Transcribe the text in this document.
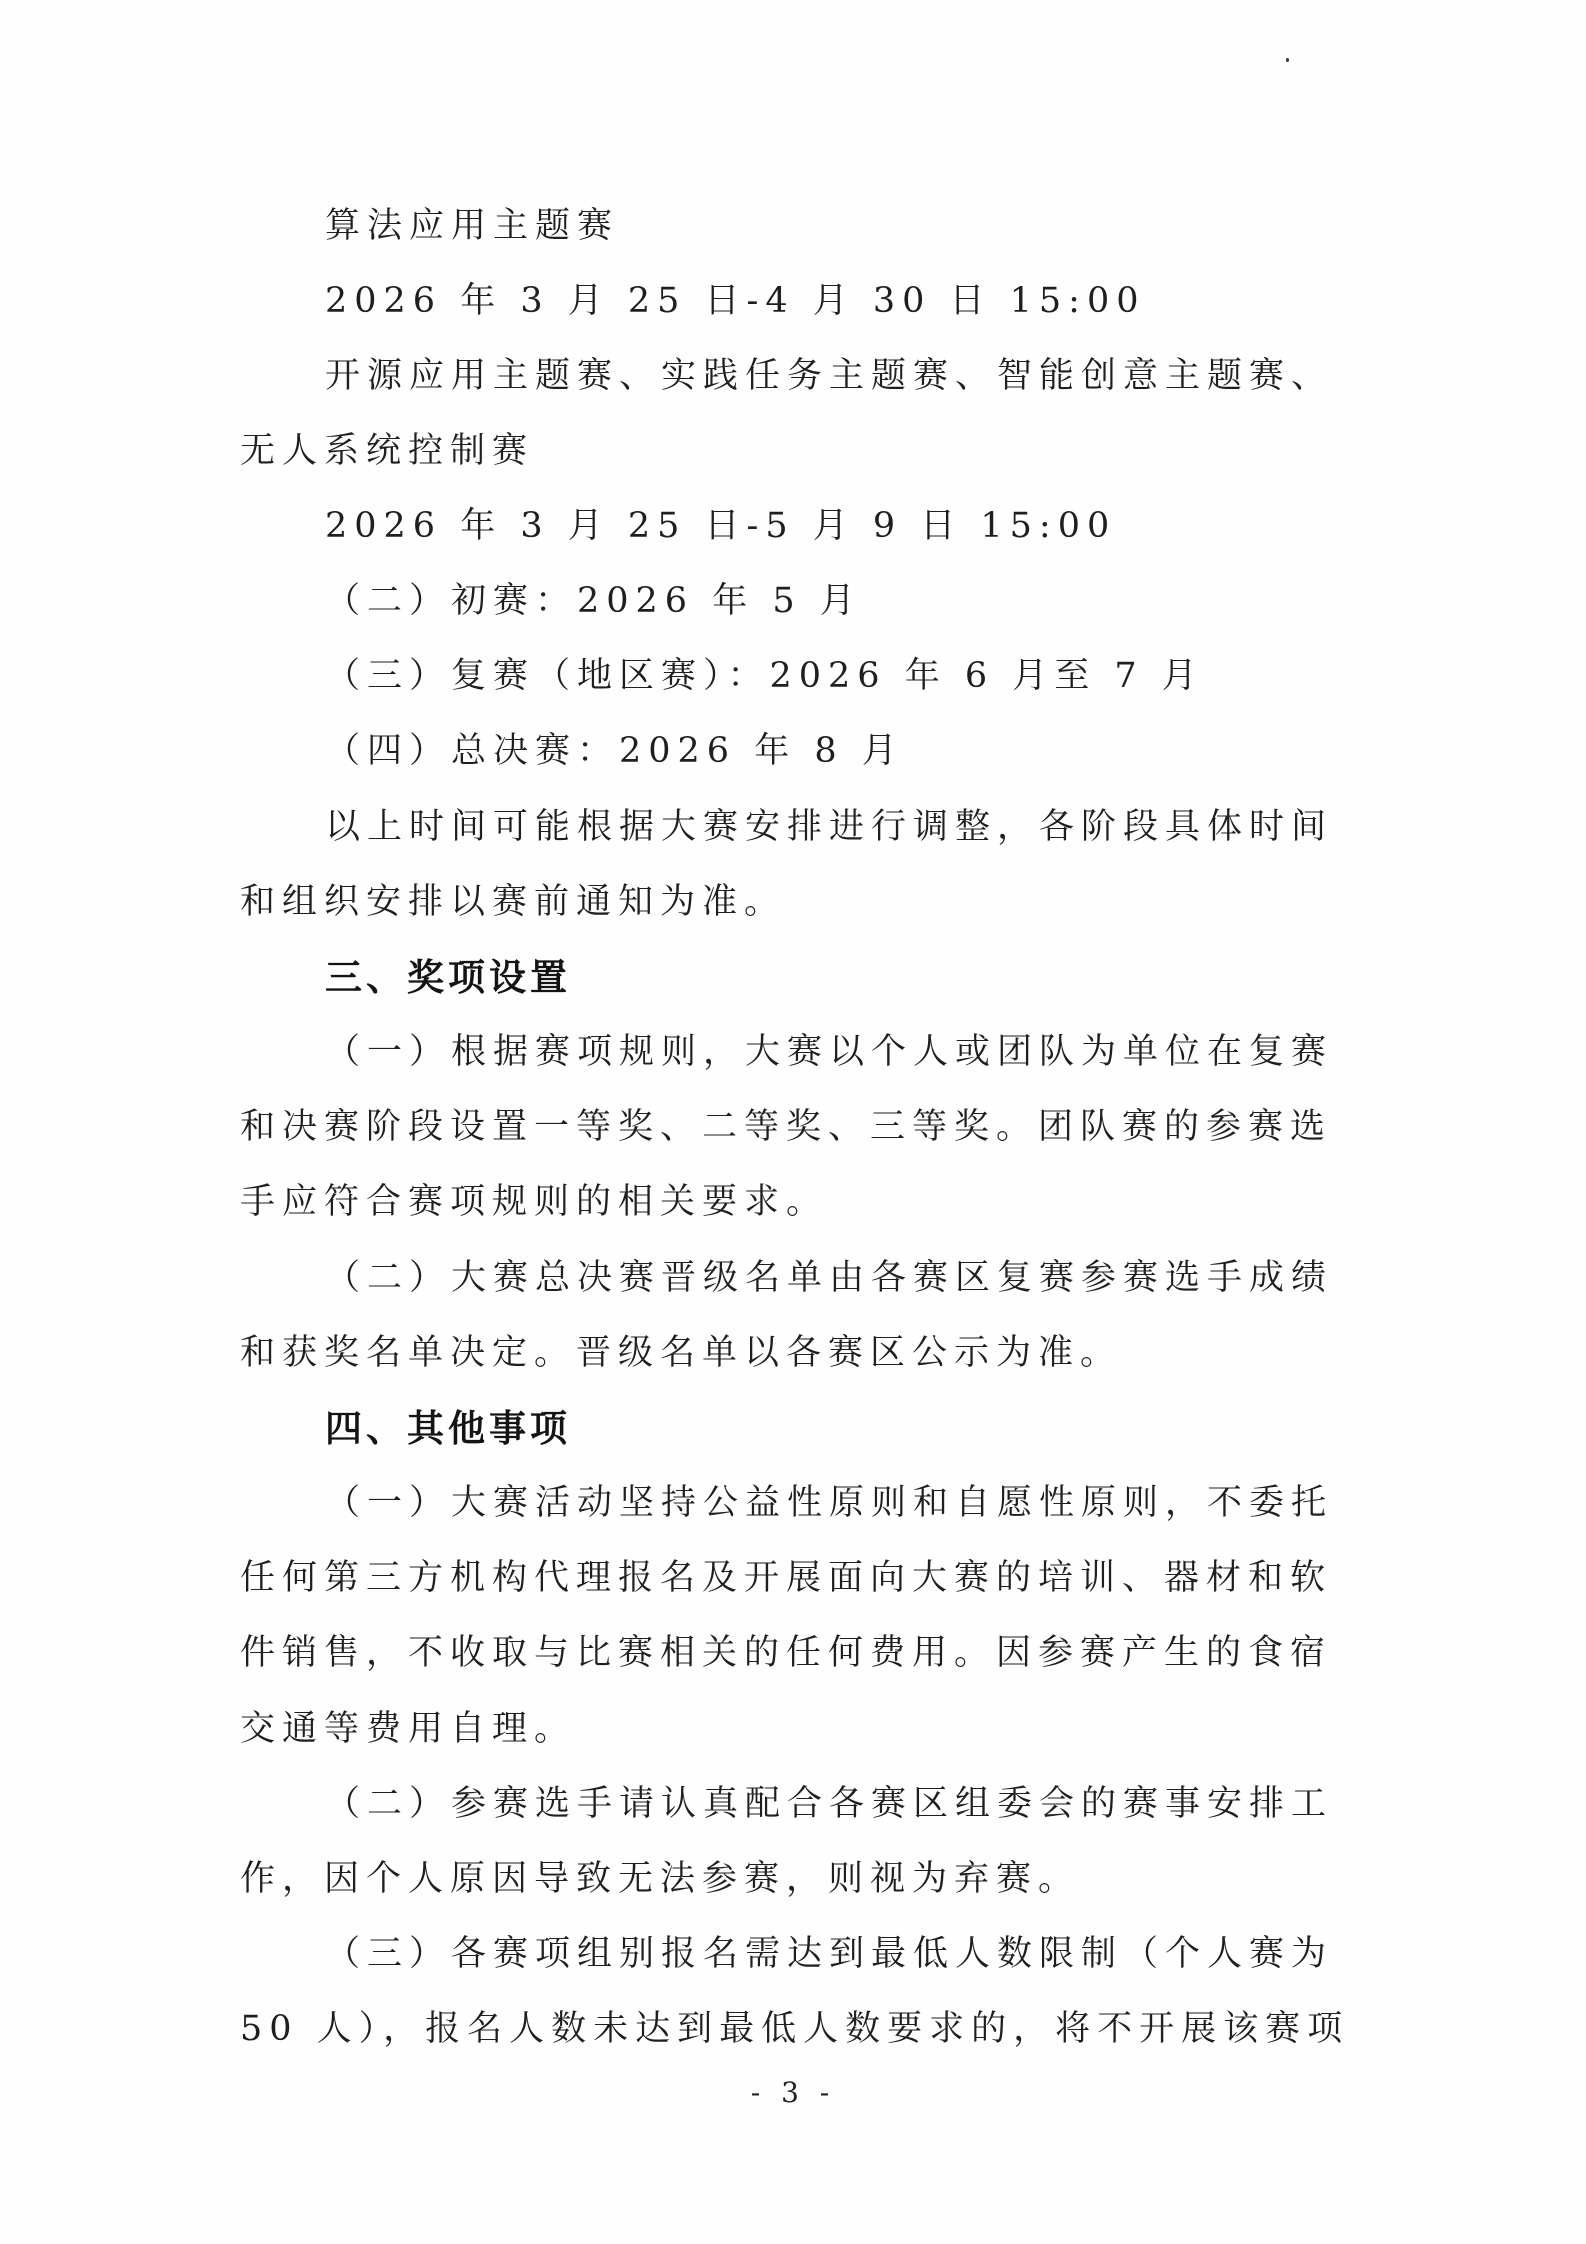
算法应用主题赛
2026 年 3 月 25 日-4 月 30 日 15:00
开源应用主题赛、实践任务主题赛、智能创意主题赛、
无人系统控制赛
2026 年 3 月 25 日-5 月 9 日 15:00
（二）初赛：2026 年 5 月
（三）复赛（地区赛）：2026 年 6 月至 7 月
（四）总决赛：2026 年 8 月
以上时间可能根据大赛安排进行调整，各阶段具体时间
和组织安排以赛前通知为准。
三、奖项设置
（一）根据赛项规则，大赛以个人或团队为单位在复赛
和决赛阶段设置一等奖、二等奖、三等奖。团队赛的参赛选
手应符合赛项规则的相关要求。
（二）大赛总决赛晋级名单由各赛区复赛参赛选手成绩
和获奖名单决定。晋级名单以各赛区公示为准。
四、其他事项
（一）大赛活动坚持公益性原则和自愿性原则，不委托
任何第三方机构代理报名及开展面向大赛的培训、器材和软
件销售，不收取与比赛相关的任何费用。因参赛产生的食宿
交通等费用自理。
（二）参赛选手请认真配合各赛区组委会的赛事安排工
作，因个人原因导致无法参赛，则视为弃赛。
（三）各赛项组别报名需达到最低人数限制（个人赛为
50 人），报名人数未达到最低人数要求的，将不开展该赛项
- 3 -
